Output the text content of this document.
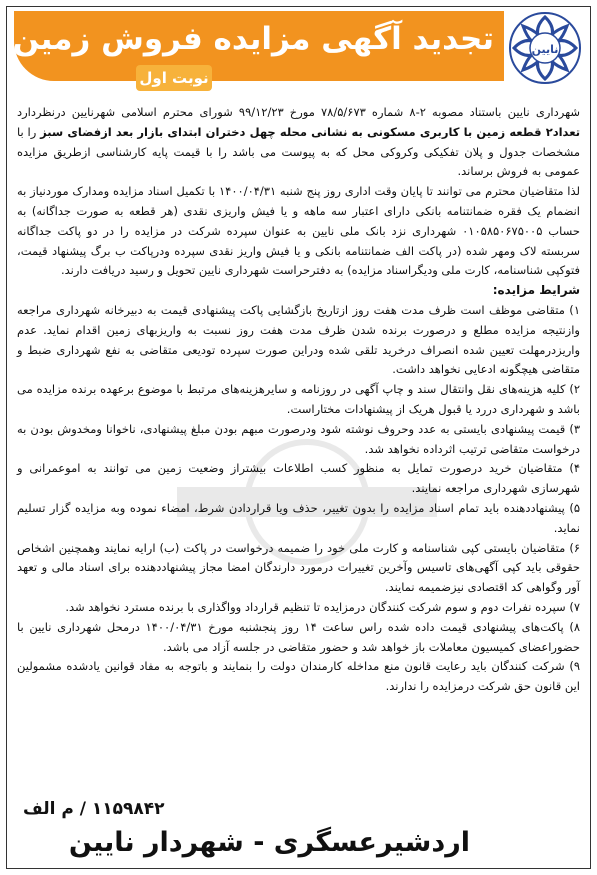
تجدید آگهی مزایده فروش زمین
نوبت اول
نایین

شهرداری نایین باستناد مصوبه ۲-۸ شماره ۷۸/۵/۶۷۳ مورخ ۹۹/۱۲/۲۳ شورای محترم اسلامی شهرنایین درنظردارد تعداد۲ قطعه زمین با کاربری مسکونی به نشانی محله چهل دختران ابتدای بازار بعد ازفضای سبز را با مشخصات جدول و پلان تفکیکی وکروکی محل که به پیوست می باشد را با قیمت پایه کارشناسی ازطریق مزایده عمومی به فروش برساند.

لذا متقاضیان محترم می توانند تا پایان وقت اداری روز پنج شنبه ۱۴۰۰/۰۴/۳۱ با تکمیل اسناد مزایده ومدارک موردنیاز به انضمام یک فقره ضمانتنامه بانکی دارای اعتبار سه ماهه و یا فیش واریزی نقدی (هر قطعه به صورت جداگانه) به حساب ۰۱۰۵۸۵۰۶۷۵۰۰۵ شهرداری نزد بانک ملی نایین به عنوان سپرده شرکت در مزایده را در دو پاکت جداگانه سربسته لاک ومهر شده (در پاکت الف ضمانتنامه بانکی و یا فیش واریز نقدی سپرده ودرپاکت ب برگ پیشنهاد قیمت، فتوکپی شناسنامه، کارت ملی ودیگراسناد مزایده) به دفترحراست شهرداری نایین تحویل و رسید دریافت دارند.

شرایط مزایده:

۱) متقاضی موظف است ظرف مدت هفت روز ازتاریخ بازگشایی پاکت پیشنهادی قیمت به دبیرخانه شهرداری مراجعه وازنتیجه مزایده مطلع و درصورت برنده شدن ظرف مدت هفت روز نسبت به واریزبهای زمین اقدام نماید. عدم واریزدرمهلت تعیین شده انصراف درخرید تلقی شده ودراین صورت سپرده تودیعی متقاضی به نفع شهرداری ضبط و متقاضی هیچگونه ادعایی نخواهد داشت.

۲) کلیه هزینه‌های نقل وانتقال سند و چاپ آگهی در روزنامه و سایرهزینه‌های مرتبط با موضوع برعهده برنده مزایده می باشد و شهرداری دررد یا قبول هریک از پیشنهادات مختاراست.

۳) قیمت پیشنهادی بایستی به عدد وحروف نوشته شود ودرصورت مبهم بودن مبلغ پیشنهادی، ناخوانا ومخدوش بودن به درخواست متقاضی ترتیب اثرداده نخواهد شد.

۴) متقاضیان خرید درصورت تمایل به منظور کسب اطلاعات بیشتراز وضعیت زمین می توانند به اموعمرانی و شهرسازی شهرداری مراجعه نمایند.

۵) پیشنهاددهنده باید تمام اسناد مزایده را بدون تغییر، حذف ویا قراردادن شرط، امضاء نموده وبه مزایده گزار تسلیم نماید.

۶) متقاضیان بایستی کپی شناسنامه و کارت ملی خود را ضمیمه درخواست در پاکت (ب) ارایه نمایند وهمچنین اشخاص حقوقی باید کپی آگهی‌های تاسیس وآخرین تغییرات درمورد دارندگان امضا مجاز پیشنهاددهنده برای اسناد مالی و تعهد آور وگواهی کد اقتصادی نیزضمیمه نمایند.

۷) سپرده نفرات دوم و سوم شرکت کنندگان درمزایده تا تنظیم قرارداد وواگذاری با برنده مسترد نخواهد شد.

۸) پاکت‌های پیشنهادی قیمت داده شده راس ساعت ۱۴ روز پنجشنبه مورخ ۱۴۰۰/۰۴/۳۱ درمحل شهرداری نایین با حضوراعضای کمیسیون معاملات باز خواهد شد و حضور متقاضی در جلسه آزاد می باشد.

۹) شرکت کنندگان باید رعایت قانون منع مداخله کارمندان دولت را بنمایند و باتوجه به مفاد قوانین یادشده مشمولین این قانون حق شرکت درمزایده را ندارند.

۱۱۵۹۸۴۲ / م الف
اردشیرعسگری - شهردار نایین
